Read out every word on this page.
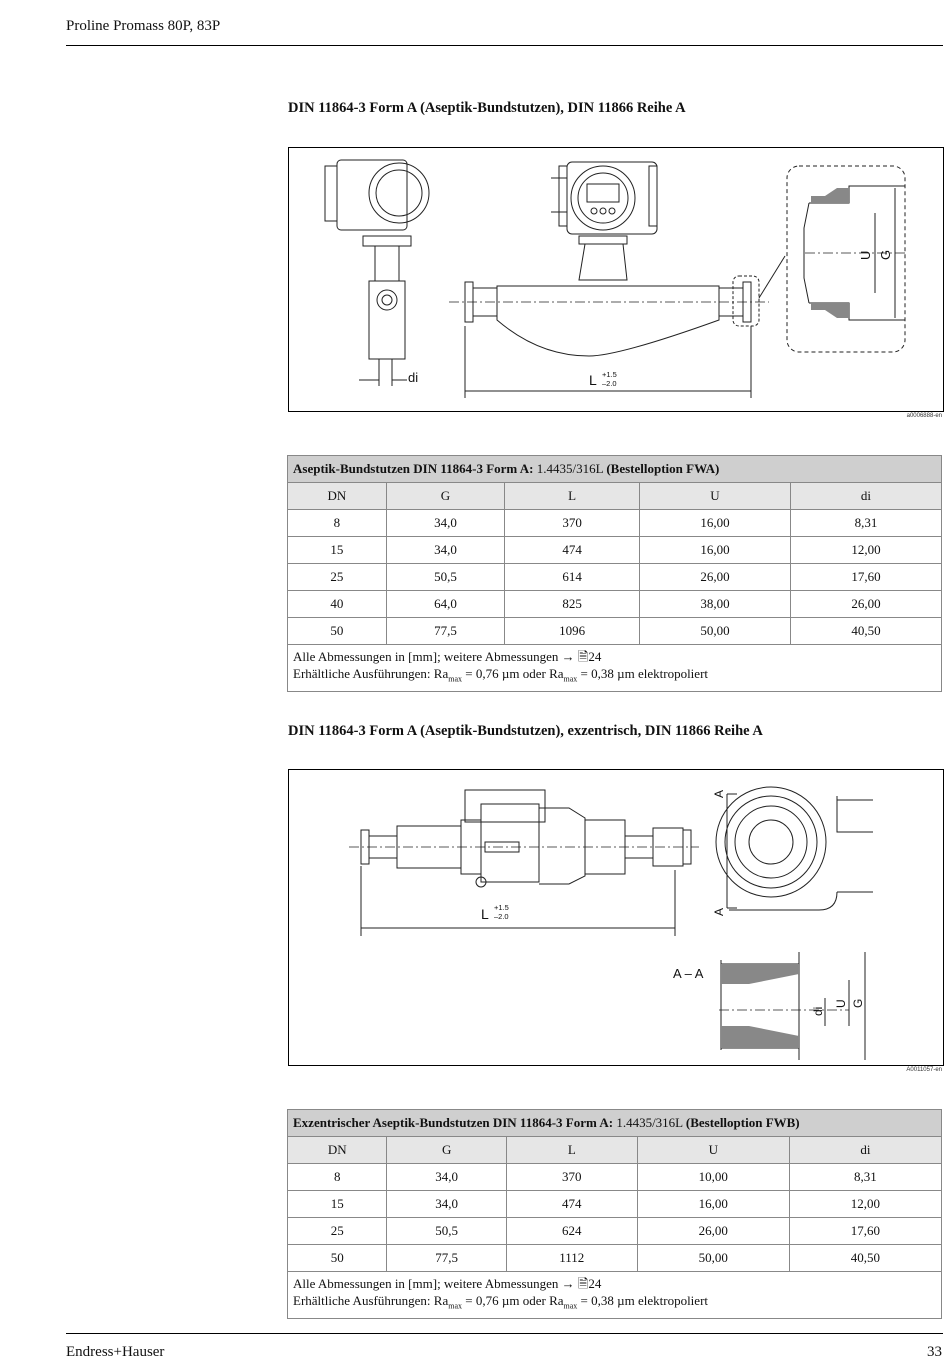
Proline Promass 80P, 83P
DIN 11864-3 Form A (Aseptik-Bundstutzen), DIN 11866 Reihe A
di	L +1.5
–2.0
U G
a0006888-en
Aseptik-Bundstutzen DIN 11864-3 Form A: 1.4435/316L (Bestelloption FWA)				
DN	G	L	U	di
8	34,0	370	16,00	8,31
15	34,0	474	16,00	12,00
25	50,5	614	26,00	17,60
40	64,0	825	38,00	26,00
50	77,5	1096	50,00	40,50
Alle Abmessungen in [mm]; weitere Abmessungen → 🗎24
Erhältliche Ausführungen: $Ra_{max} = 0,76$ µm oder $Ra_{max} = 0,38$ µm elektropoliert				
DIN 11864-3 Form A (Aseptik-Bundstutzen), exzentrisch, DIN 11866 Reihe A
L +1.5
–2.0
A
A
A – A
di
U G
A0011057-en
Exzentrischer Aseptik-Bundstutzen DIN 11864-3 Form A: 1.4435/316L (Bestelloption FWB)				
DN	G	L	U	di
8	34,0	370	10,00	8,31
15	34,0	474	16,00	12,00
25	50,5	624	26,00	17,60
50	77,5	1112	50,00	40,50
Alle Abmessungen in [mm]; weitere Abmessungen → 🗎24
Erhältliche Ausführungen: $Ra_{max} = 0,76$ µm oder $Ra_{max} = 0,38$ µm elektropoliert				
Endress+Hauser	33
